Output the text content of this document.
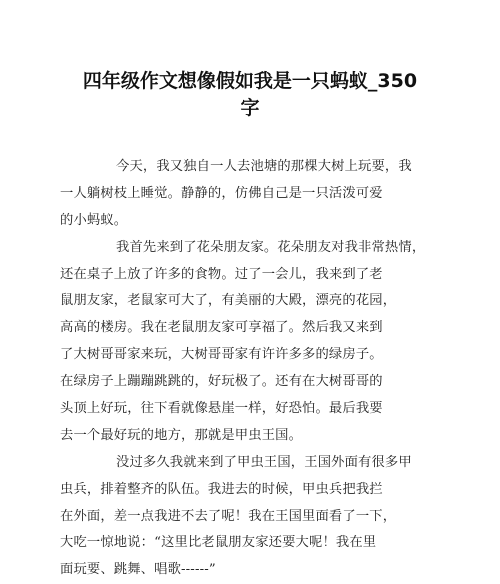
四年级作文想像假如我是一只蚂蚁_350
字
今天，我又独自一人去池塘的那棵大树上玩要，我
一人躺树枝上睡觉。静静的，仿佛自己是一只活泼可爱
的小蚂蚁。
我首先来到了花朵朋友家。花朵朋友对我非常热情，
还在桌子上放了许多的食物。过了一会儿，我来到了老
鼠朋友家，老鼠家可大了，有美丽的大殿，漂亮的花园，
高高的楼房。我在老鼠朋友家可享福了。然后我又来到
了大树哥哥家来玩，大树哥哥家有许许多多的绿房子。
在绿房子上蹦蹦跳跳的，好玩极了。还有在大树哥哥的
头顶上好玩，往下看就像悬崖一样，好恐怕。最后我要
去一个最好玩的地方，那就是甲虫王国。
没过多久我就来到了甲虫王国，王国外面有很多甲
虫兵，排着整齐的队伍。我进去的时候，甲虫兵把我拦
在外面，差一点我进不去了呢！我在王国里面看了一下，
大吃一惊地说：“这里比老鼠朋友家还要大呢！我在里
面玩要、跳舞、唱歌------”
